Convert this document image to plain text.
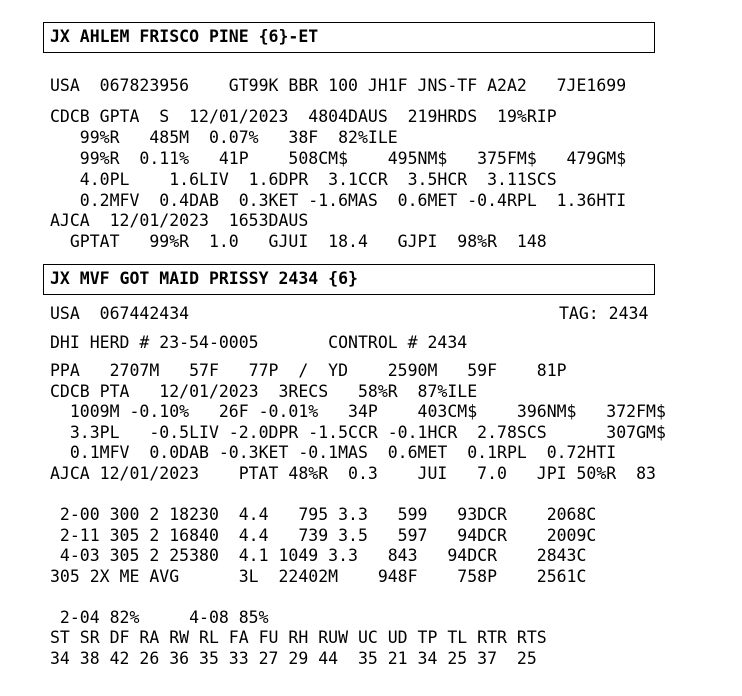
JX AHLEM FRISCO PINE {6}-ET
USA  067823956    GT99K BBR 100 JH1F JNS-TF A2A2   7JE1699
CDCB GPTA  S  12/01/2023  4804DAUS  219HRDS  19%RIP
99%R   485M  0.07%   38F  82%ILE
99%R  0.11%   41P    508CM$    495NM$   375FM$   479GM$
4.0PL    1.6LIV  1.6DPR  3.1CCR  3.5HCR  3.11SCS
0.2MFV  0.4DAB  0.3KET -1.6MAS  0.6MET -0.4RPL  1.36HTI
AJCA  12/01/2023  1653DAUS
GPTAT   99%R  1.0   GJUI  18.4   GJPI  98%R  148
JX MVF GOT MAID PRISSY 2434 {6}
USA  067442434	TAG: 2434
DHI HERD # 23-54-0005       CONTROL # 2434
PPA   2707M   57F   77P  /  YD    2590M   59F    81P
CDCB PTA   12/01/2023  3RECS   58%R  87%ILE
1009M -0.10%   26F -0.01%   34P    403CM$    396NM$   372FM$
3.3PL   -0.5LIV -2.0DPR -1.5CCR -0.1HCR  2.78SCS      307GM$
0.1MFV  0.0DAB -0.3KET -0.1MAS  0.6MET  0.1RPL  0.72HTI
AJCA 12/01/2023    PTAT 48%R  0.3    JUI   7.0   JPI 50%R  83
2-00 300 2 18230  4.4   795 3.3   599   93DCR    2068C
2-11 305 2 16840  4.4   739 3.5   597   94DCR    2009C
4-03 305 2 25380  4.1 1049 3.3   843   94DCR    2843C
305 2X ME AVG      3L  22402M    948F    758P    2561C
2-04 82%     4-08 85%
ST SR DF RA RW RL FA FU RH RUW UC UD TP TL RTR RTS
34 38 42 26 36 35 33 27 29 44  35 21 34 25 37  25
